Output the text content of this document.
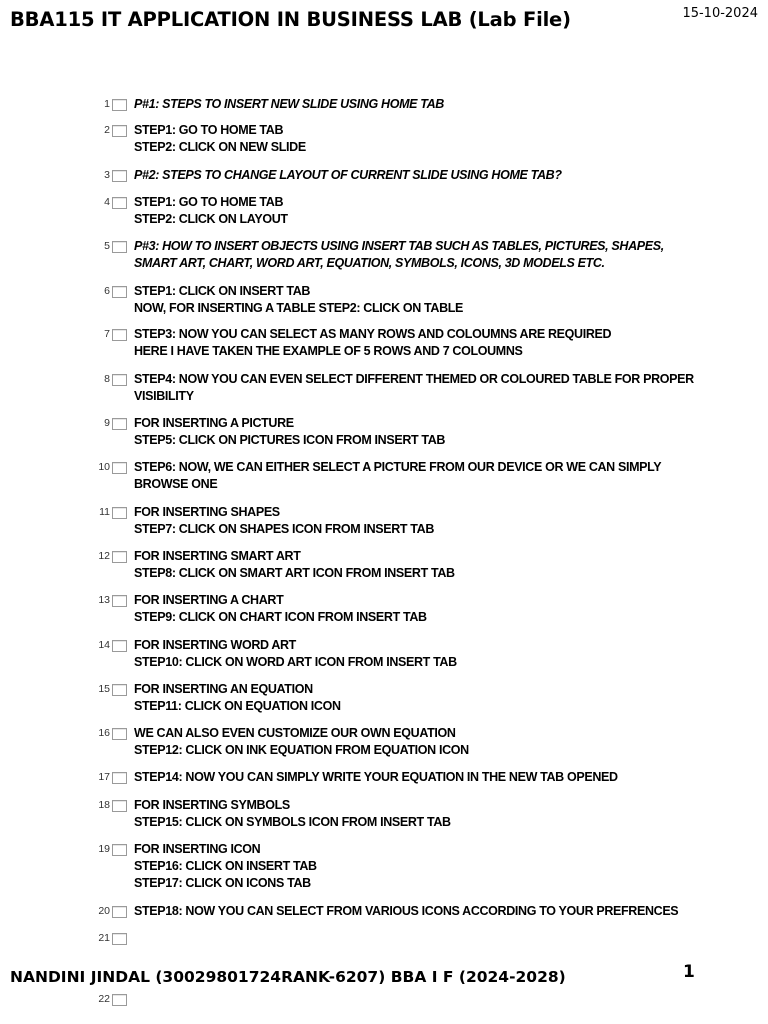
BBA115 IT APPLICATION IN BUSINESS LAB (Lab File)	15-10-2024
1 P#1: STEPS TO INSERT NEW SLIDE USING HOME TAB
2 STEP1: GO TO HOME TAB
STEP2: CLICK ON NEW SLIDE
3 P#2: STEPS TO CHANGE LAYOUT OF CURRENT SLIDE USING HOME TAB?
4 STEP1: GO TO HOME TAB
STEP2: CLICK ON LAYOUT
5 P#3: HOW TO INSERT OBJECTS USING INSERT TAB SUCH AS TABLES, PICTURES, SHAPES,
SMART ART, CHART, WORD ART, EQUATION, SYMBOLS, ICONS, 3D MODELS ETC.
6 STEP1: CLICK ON INSERT TAB
NOW, FOR INSERTING A TABLE STEP2: CLICK ON TABLE
7 STEP3: NOW YOU CAN SELECT AS MANY ROWS AND COLOUMNS ARE REQUIRED
HERE I HAVE TAKEN THE EXAMPLE OF 5 ROWS AND 7 COLOUMNS
8 STEP4: NOW YOU CAN EVEN SELECT DIFFERENT THEMED OR COLOURED TABLE FOR PROPER
VISIBILITY
9 FOR INSERTING A PICTURE
STEP5: CLICK ON PICTURES ICON FROM INSERT TAB
10 STEP6: NOW, WE CAN EITHER SELECT A PICTURE FROM OUR DEVICE OR WE CAN SIMPLY
BROWSE ONE
11 FOR INSERTING SHAPES
STEP7: CLICK ON SHAPES ICON FROM INSERT TAB
12 FOR INSERTING SMART ART
STEP8: CLICK ON SMART ART ICON FROM INSERT TAB
13 FOR INSERTING A CHART
STEP9: CLICK ON CHART ICON FROM INSERT TAB
14 FOR INSERTING WORD ART
STEP10: CLICK ON WORD ART ICON FROM INSERT TAB
15 FOR INSERTING AN EQUATION
STEP11: CLICK ON EQUATION ICON
16 WE CAN ALSO EVEN CUSTOMIZE OUR OWN EQUATION
STEP12: CLICK ON INK EQUATION FROM EQUATION ICON
17 STEP14: NOW YOU CAN SIMPLY WRITE YOUR EQUATION IN THE NEW TAB OPENED
18 FOR INSERTING SYMBOLS
STEP15: CLICK ON SYMBOLS ICON FROM INSERT TAB
19 FOR INSERTING ICON
STEP16: CLICK ON INSERT TAB
STEP17: CLICK ON ICONS TAB
20 STEP18: NOW YOU CAN SELECT FROM VARIOUS ICONS ACCORDING TO YOUR PREFRENCES
21
22
NANDINI JINDAL (30029801724RANK-6207) BBA I F (2024-2028)	1
